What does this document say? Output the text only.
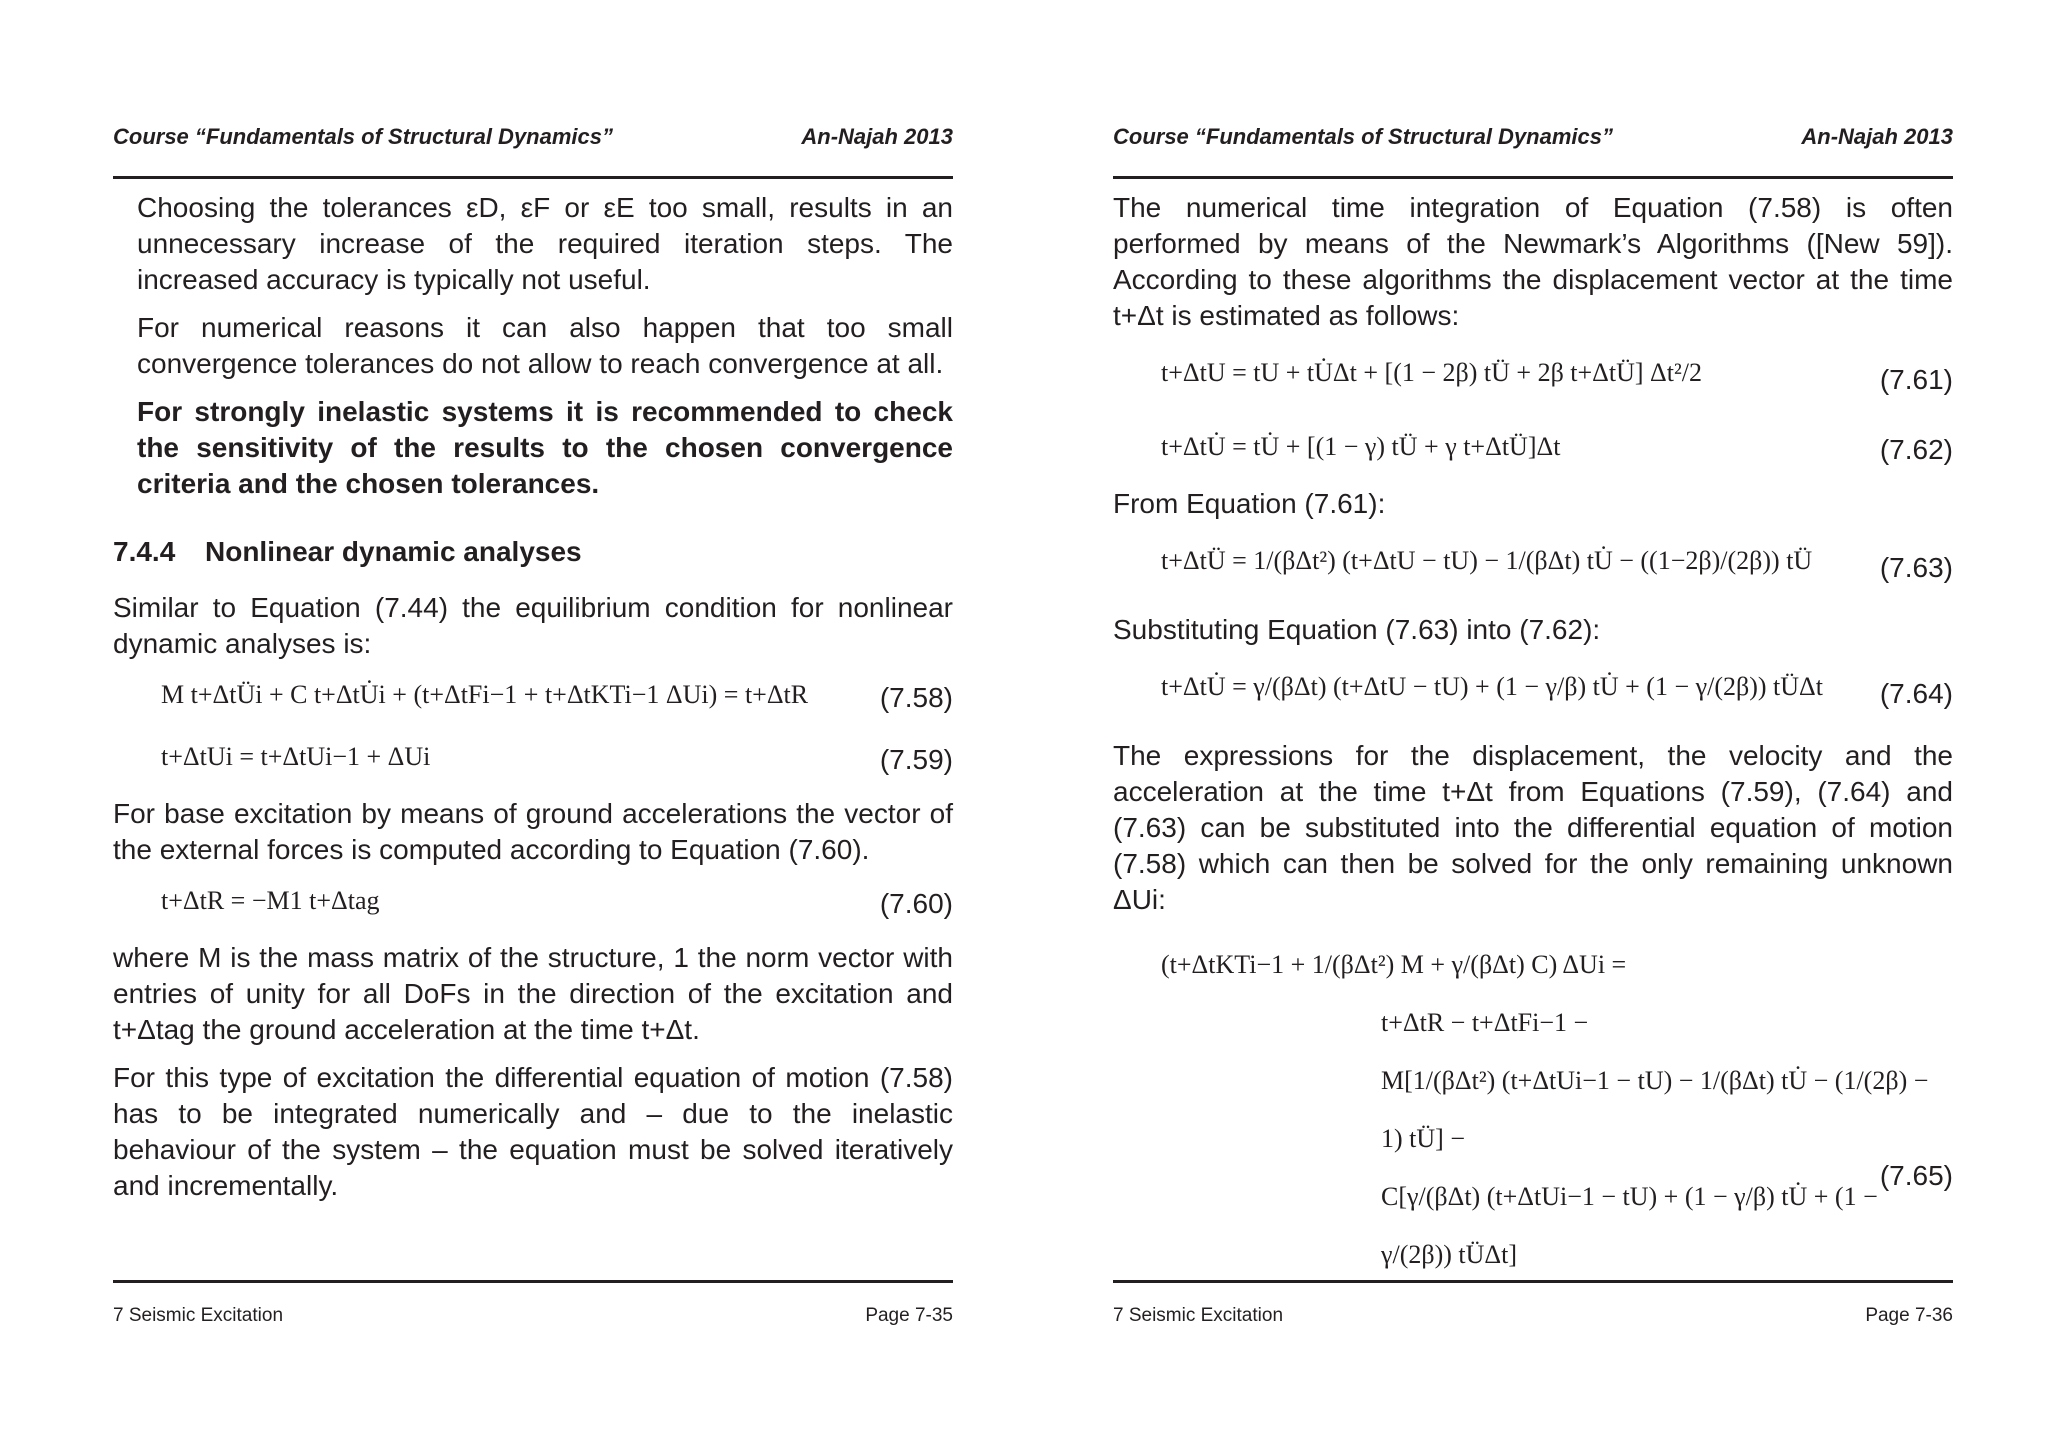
Course “Fundamentals of Structural Dynamics”	An-Najah 2013

Choosing the tolerances εD, εF or εE too small, results in an unnecessary increase of the required iteration steps. The increased accuracy is typically not useful.

For numerical reasons it can also happen that too small convergence tolerances do not allow to reach convergence at all.

For strongly inelastic systems it is recommended to check the sensitivity of the results to the chosen convergence criteria and the chosen tolerances.

7.4.4 Nonlinear dynamic analyses

Similar to Equation (7.44) the equilibrium condition for nonlinear dynamic analyses is:

M t+ΔtÜi + C t+ΔtU̇i + (t+ΔtFi−1 + t+ΔtKTi−1 ΔUi) = t+ΔtR	(7.58)
t+ΔtUi = t+ΔtUi−1 + ΔUi	(7.59)

For base excitation by means of ground accelerations the vector of the external forces is computed according to Equation (7.60).

t+ΔtR = −M1 t+Δtag	(7.60)

where M is the mass matrix of the structure, 1 the norm vector with entries of unity for all DoFs in the direction of the excitation and t+Δtag the ground acceleration at the time t+Δt.

For this type of excitation the differential equation of motion (7.58) has to be integrated numerically and – due to the inelastic behaviour of the system – the equation must be solved iteratively and incrementally.

7 Seismic Excitation	Page 7-35
Course “Fundamentals of Structural Dynamics”	An-Najah 2013

The numerical time integration of Equation (7.58) is often performed by means of the Newmark’s Algorithms ([New 59]). According to these algorithms the displacement vector at the time t+Δt is estimated as follows:

t+ΔtU = tU + tU̇Δt + [(1 − 2β) tÜ + 2β t+ΔtÜ] Δt²/2	(7.61)
t+ΔtU̇ = tU̇ + [(1 − γ) tÜ + γ t+ΔtÜ]Δt	(7.62)

From Equation (7.61):

t+ΔtÜ = 1/(βΔt²) (t+ΔtU − tU) − 1/(βΔt) tU̇ − ((1−2β)/(2β)) tÜ (7.63)

Substituting Equation (7.63) into (7.62):

t+ΔtU̇ = γ/(βΔt) (t+ΔtU − tU) + (1 − γ/β) tU̇ + (1 − γ/(2β)) tÜΔt (7.64)

The expressions for the displacement, the velocity and the acceleration at the time t+Δt from Equations (7.59), (7.64) and (7.63) can be substituted into the differential equation of motion (7.58) which can then be solved for the only remaining unknown ΔUi:

(t+ΔtKTi−1 + 1/(βΔt²) M + γ/(βΔt) C) ΔUi =
t+ΔtR − t+ΔtFi−1 −
M[1/(βΔt²) (t+ΔtUi−1 − tU) − 1/(βΔt) tU̇ − (1/(2β) − 1) tÜ] −
C[γ/(βΔt) (t+ΔtUi−1 − tU) + (1 − γ/β) tU̇ + (1 − γ/(2β)) tÜΔt]
(7.65)
7 Seismic Excitation	Page 7-36
